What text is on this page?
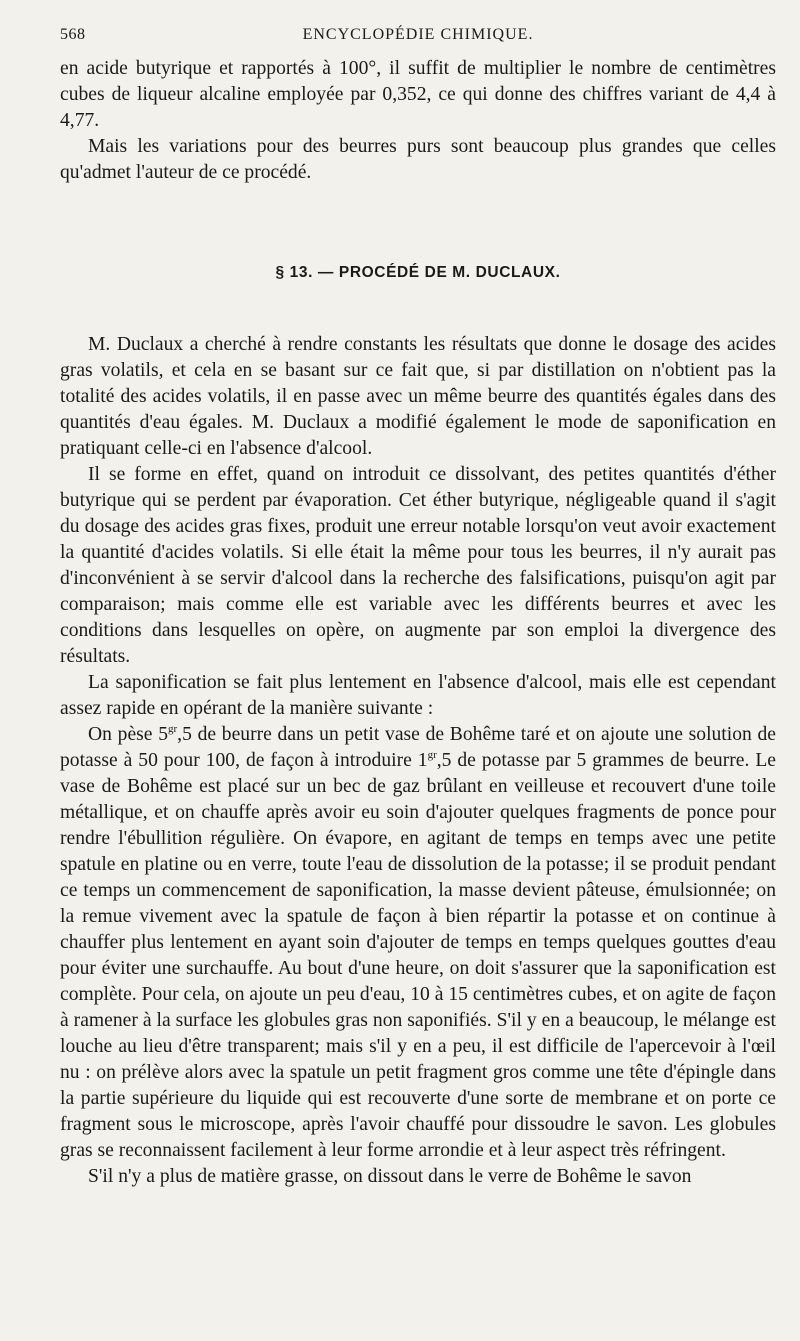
568	ENCYCLOPÉDIE CHIMIQUE.

en acide butyrique et rapportés à 100°, il suffit de multiplier le nombre de centimètres cubes de liqueur alcaline employée par 0,352, ce qui donne des chiffres variant de 4,4 à 4,77.

Mais les variations pour des beurres purs sont beaucoup plus grandes que celles qu'admet l'auteur de ce procédé.

§ 13. — PROCÉDÉ DE M. DUCLAUX.

M. Duclaux a cherché à rendre constants les résultats que donne le dosage des acides gras volatils, et cela en se basant sur ce fait que, si par distillation on n'obtient pas la totalité des acides volatils, il en passe avec un même beurre des quantités égales dans des quantités d'eau égales. M. Duclaux a modifié également le mode de saponification en pratiquant celle-ci en l'absence d'alcool.

Il se forme en effet, quand on introduit ce dissolvant, des petites quantités d'éther butyrique qui se perdent par évaporation. Cet éther butyrique, négligeable quand il s'agit du dosage des acides gras fixes, produit une erreur notable lorsqu'on veut avoir exactement la quantité d'acides volatils. Si elle était la même pour tous les beurres, il n'y aurait pas d'inconvénient à se servir d'alcool dans la recherche des falsifications, puisqu'on agit par comparaison; mais comme elle est variable avec les différents beurres et avec les conditions dans lesquelles on opère, on augmente par son emploi la divergence des résultats.

La saponification se fait plus lentement en l'absence d'alcool, mais elle est cependant assez rapide en opérant de la manière suivante :

On pèse $5^{gr},5$ de beurre dans un petit vase de Bohême taré et on ajoute une solution de potasse à 50 pour 100, de façon à introduire $1^{gr},5$ de potasse par 5 grammes de beurre. Le vase de Bohême est placé sur un bec de gaz brûlant en veilleuse et recouvert d'une toile métallique, et on chauffe après avoir eu soin d'ajouter quelques fragments de ponce pour rendre l'ébullition régulière. On évapore, en agitant de temps en temps avec une petite spatule en platine ou en verre, toute l'eau de dissolution de la potasse; il se produit pendant ce temps un commencement de saponification, la masse devient pâteuse, émulsionnée; on la remue vivement avec la spatule de façon à bien répartir la potasse et on continue à chauffer plus lentement en ayant soin d'ajouter de temps en temps quelques gouttes d'eau pour éviter une surchauffe. Au bout d'une heure, on doit s'assurer que la saponification est complète. Pour cela, on ajoute un peu d'eau, 10 à 15 centimètres cubes, et on agite de façon à ramener à la surface les globules gras non saponifiés. S'il y en a beaucoup, le mélange est louche au lieu d'être transparent; mais s'il y en a peu, il est difficile de l'apercevoir à l'œil nu : on prélève alors avec la spatule un petit fragment gros comme une tête d'épingle dans la partie supérieure du liquide qui est recouverte d'une sorte de membrane et on porte ce fragment sous le microscope, après l'avoir chauffé pour dissoudre le savon. Les globules gras se reconnaissent facilement à leur forme arrondie et à leur aspect très réfringent.

S'il n'y a plus de matière grasse, on dissout dans le verre de Bohême le savon
